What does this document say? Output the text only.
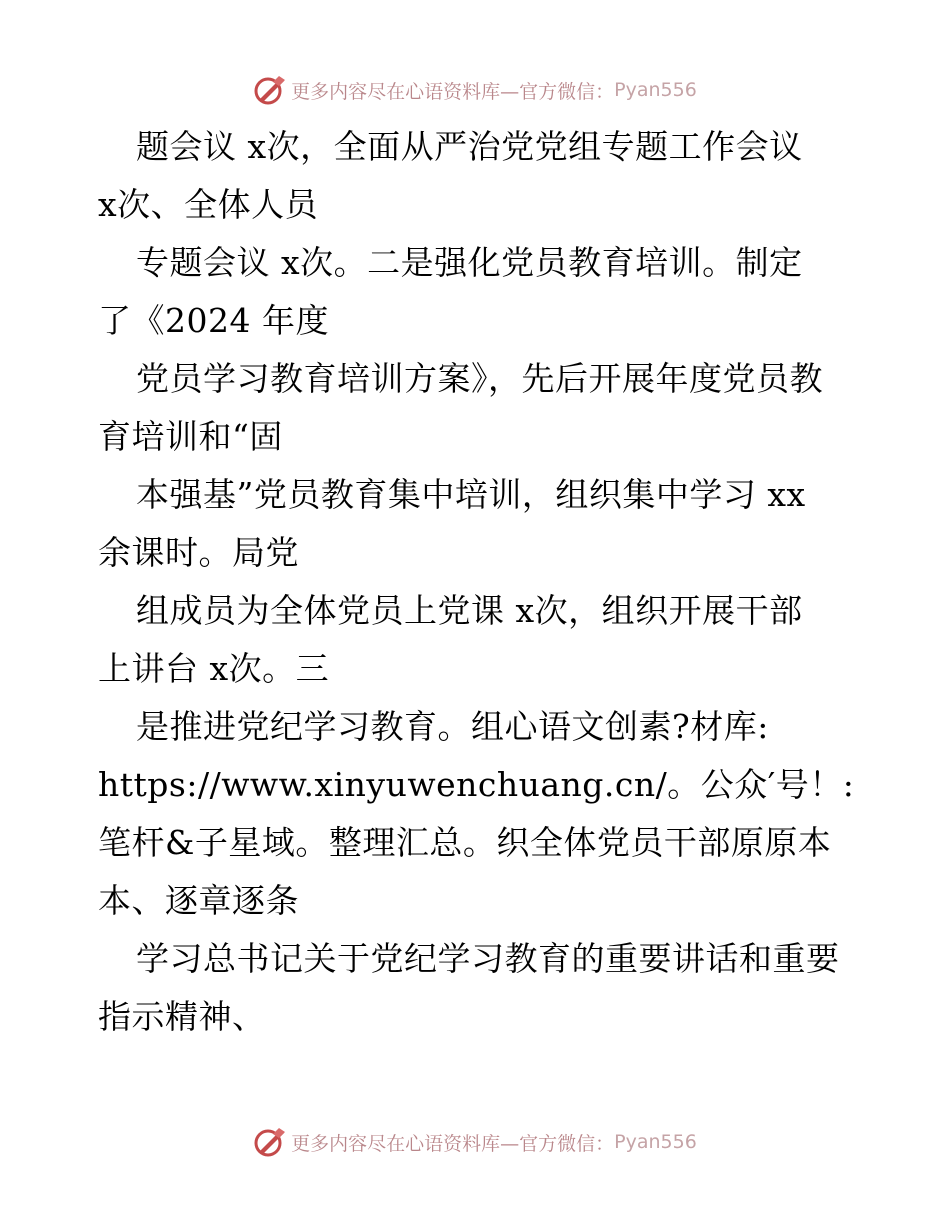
更多内容尽在心语资料库—官方微信： Pyan556
题会议 x次，全面从严治党党组专题工作会议
x次、全体人员
专题会议 x次。二是强化党员教育培训。制定
了《2024 年度
党员学习教育培训方案》，先后开展年度党员教
育培训和“固
本强基”党员教育集中培训，组织集中学习 xx
余课时。局党
组成员为全体党员上党课 x次，组织开展干部
上讲台 x次。三
是推进党纪学习教育。组心语文创素?材库:
https://www.xinyuwenchuang.cn/。公众′号！:
笔杆&子星域。整理汇总。织全体党员干部原原本
本、逐章逐条
学习总书记关于党纪学习教育的重要讲话和重要
指示精神、
更多内容尽在心语资料库—官方微信： Pyan556
